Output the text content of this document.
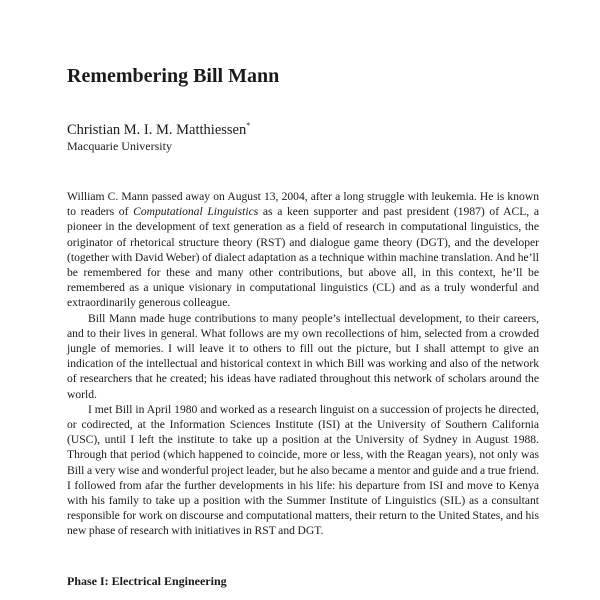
Remembering Bill Mann
Christian M. I. M. Matthiessen*
Macquarie University

William C. Mann passed away on August 13, 2004, after a long struggle with leukemia. He is known to readers of Computational Linguistics as a keen supporter and past president (1987) of ACL, a pioneer in the development of text generation as a field of research in computational linguistics, the originator of rhetorical structure theory (RST) and dialogue game theory (DGT), and the developer (together with David Weber) of dialect adaptation as a technique within machine translation. And he’ll be remembered for these and many other contributions, but above all, in this context, he’ll be remembered as a unique visionary in computational linguistics (CL) and as a truly wonderful and extraordinarily generous colleague.

Bill Mann made huge contributions to many people’s intellectual development, to their careers, and to their lives in general. What follows are my own recollections of him, selected from a crowded jungle of memories. I will leave it to others to fill out the picture, but I shall attempt to give an indication of the intellectual and historical context in which Bill was working and also of the network of researchers that he created; his ideas have radiated throughout this network of scholars around the world.

I met Bill in April 1980 and worked as a research linguist on a succession of projects he directed, or codirected, at the Information Sciences Institute (ISI) at the University of Southern California (USC), until I left the institute to take up a position at the University of Sydney in August 1988. Through that period (which happened to coincide, more or less, with the Reagan years), not only was Bill a very wise and wonderful project leader, but he also became a mentor and guide and a true friend. I followed from afar the further developments in his life: his departure from ISI and move to Kenya with his family to take up a position with the Summer Institute of Linguistics (SIL) as a consultant responsible for work on discourse and computational matters, their return to the United States, and his new phase of research with initiatives in RST and DGT.

Phase I: Electrical Engineering
